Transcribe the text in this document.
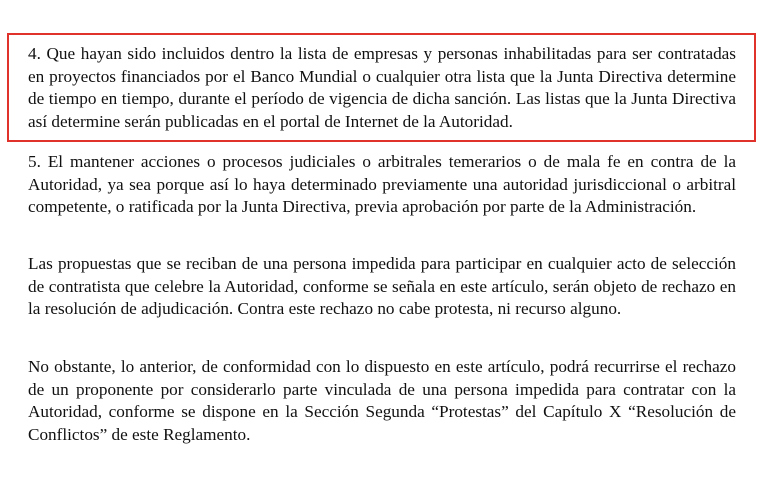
4. Que hayan sido incluidos dentro la lista de empresas y personas inhabilitadas para ser contratadas en proyectos financiados por el Banco Mundial o cualquier otra lista que la Junta Directiva determine de tiempo en tiempo, durante el período de vigencia de dicha sanción. Las listas que la Junta Directiva así determine serán publicadas en el portal de Internet de la Autoridad.

5. El mantener acciones o procesos judiciales o arbitrales temerarios o de mala fe en contra de la Autoridad, ya sea porque así lo haya determinado previamente una autoridad jurisdiccional o arbitral competente, o ratificada por la Junta Directiva, previa aprobación por parte de la Administración.

Las propuestas que se reciban de una persona impedida para participar en cualquier acto de selección de contratista que celebre la Autoridad, conforme se señala en este artículo, serán objeto de rechazo en la resolución de adjudicación. Contra este rechazo no cabe protesta, ni recurso alguno.

No obstante, lo anterior, de conformidad con lo dispuesto en este artículo, podrá recurrirse el rechazo de un proponente por considerarlo parte vinculada de una persona impedida para contratar con la Autoridad, conforme se dispone en la Sección Segunda “Protestas” del Capítulo X “Resolución de Conflictos” de este Reglamento.
